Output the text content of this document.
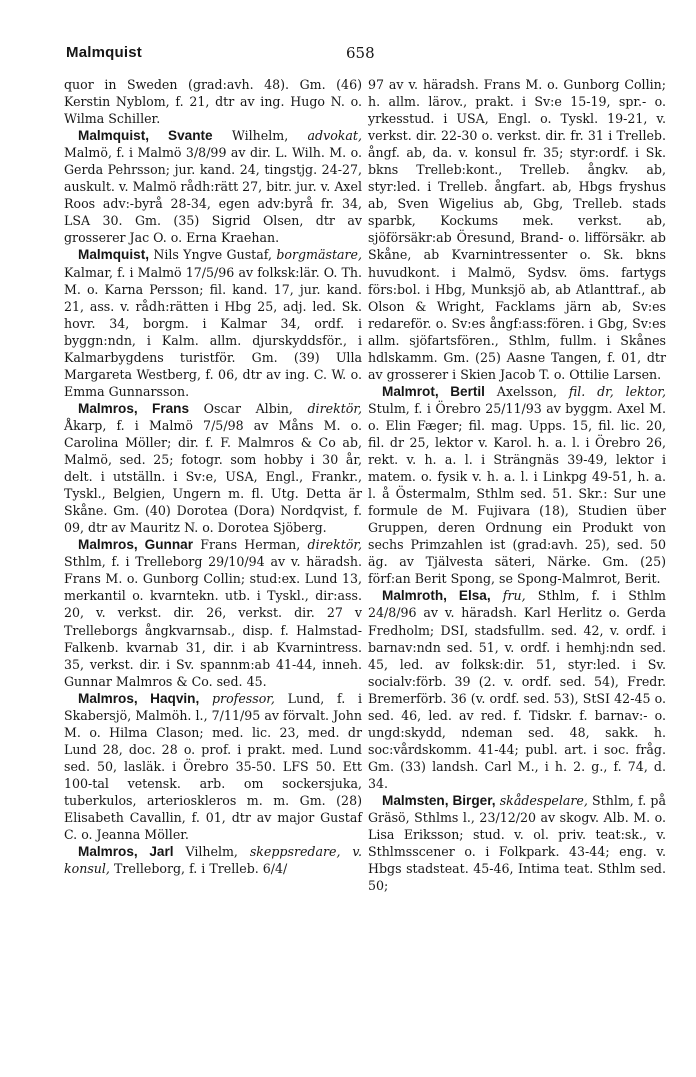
Malmquist	658

quor in Sweden (grad:avh. 48). Gm. (46) Kerstin Nyblom, f. 21, dtr av ing. Hugo N. o. Wilma Schiller.

Malmquist, Svante Wilhelm, advokat, Malmö, f. i Malmö 3/8/99 av dir. L. Wilh. M. o. Gerda Pehrsson; jur. kand. 24, tingstjg. 24-27, auskult. v. Malmö rådh:rätt 27, bitr. jur. v. Axel Roos adv:-byrå 28-34, egen adv:byrå fr. 34, LSA 30. Gm. (35) Sigrid Olsen, dtr av grosserer Jac O. o. Erna Kraehan.

Malmquist, Nils Yngve Gustaf, borgmästare, Kalmar, f. i Malmö 17/5/96 av folksk:lär. O. Th. M. o. Karna Persson; fil. kand. 17, jur. kand. 21, ass. v. rådh:rätten i Hbg 25, adj. led. Sk. hovr. 34, borgm. i Kalmar 34, ordf. i byggn:ndn, i Kalm. allm. djurskyddsför., i Kalmarbygdens turistför. Gm. (39) Ulla Margareta Westberg, f. 06, dtr av ing. C. W. o. Emma Gunnarsson.

Malmros, Frans Oscar Albin, direktör, Åkarp, f. i Malmö 7/5/98 av Måns M. o. Carolina Möller; dir. f. F. Malmros & Co ab, Malmö, sed. 25; fotogr. som hobby i 30 år, delt. i utställn. i Sv:e, USA, Engl., Frankr., Tyskl., Belgien, Ungern m. fl. Utg. Detta är Skåne. Gm. (40) Dorotea (Dora) Nordqvist, f. 09, dtr av Mauritz N. o. Dorotea Sjöberg.

Malmros, Gunnar Frans Herman, direktör, Sthlm, f. i Trelleborg 29/10/94 av v. häradsh. Frans M. o. Gunborg Collin; stud:ex. Lund 13, merkantil o. kvarntekn. utb. i Tyskl., dir:ass. 20, v. verkst. dir. 26, verkst. dir. 27 v Trelleborgs ångkvarnsab., disp. f. Halmstad-Falkenb. kvarnab 31, dir. i ab Kvarnintress. 35, verkst. dir. i Sv. spannm:ab 41-44, inneh. Gunnar Malmros & Co. sed. 45.

Malmros, Haqvin, professor, Lund, f. i Skabersjö, Malmöh. l., 7/11/95 av förvalt. John M. o. Hilma Clason; med. lic. 23, med. dr Lund 28, doc. 28 o. prof. i prakt. med. Lund sed. 50, lasläk. i Örebro 35-50. LFS 50. Ett 100-tal vetensk. arb. om sockersjuka, tuberkulos, arterioskleros m. m. Gm. (28) Elisabeth Cavallin, f. 01, dtr av major Gustaf C. o. Jeanna Möller.

Malmros, Jarl Vilhelm, skeppsredare, v. konsul, Trelleborg, f. i Trelleb. 6/4/

97 av v. häradsh. Frans M. o. Gunborg Collin; h. allm. lärov., prakt. i Sv:e 15-19, spr.- o. yrkesstud. i USA, Engl. o. Tyskl. 19-21, v. verkst. dir. 22-30 o. verkst. dir. fr. 31 i Trelleb. ångf. ab, da. v. konsul fr. 35; styr:ordf. i Sk. bkns Trelleb:kont., Trelleb. ångkv. ab, styr:led. i Trelleb. ångfart. ab, Hbgs fryshus ab, Sven Wigelius ab, Gbg, Trelleb. stads sparbk, Kockums mek. verkst. ab, sjöförsäkr:ab Öresund, Brand- o. lifförsäkr. ab Skåne, ab Kvarnintressenter o. Sk. bkns huvudkont. i Malmö, Sydsv. öms. fartygs förs:bol. i Hbg, Munksjö ab, ab Atlanttraf., ab Olson & Wright, Facklams järn ab, Sv:es redareför. o. Sv:es ångf:ass:fören. i Gbg, Sv:es allm. sjöfartsfören., Sthlm, fullm. i Skånes hdlskamm. Gm. (25) Aasne Tangen, f. 01, dtr av grosserer i Skien Jacob T. o. Ottilie Larsen.

Malmrot, Bertil Axelsson, fil. dr, lektor, Stulm, f. i Örebro 25/11/93 av byggm. Axel M. o. Elin Fæger; fil. mag. Upps. 15, fil. lic. 20, fil. dr 25, lektor v. Karol. h. a. l. i Örebro 26, rekt. v. h. a. l. i Strängnäs 39-49, lektor i matem. o. fysik v. h. a. l. i Linkpg 49-51, h. a. l. å Östermalm, Sthlm sed. 51. Skr.: Sur une formule de M. Fujivara (18), Studien über Gruppen, deren Ordnung ein Produkt von sechs Primzahlen ist (grad:avh. 25), sed. 50 äg. av Tjälvesta säteri, Närke. Gm. (25) förf:an Berit Spong, se Spong-Malmrot, Berit.

Malmroth, Elsa, fru, Sthlm, f. i Sthlm 24/8/96 av v. häradsh. Karl Herlitz o. Gerda Fredholm; DSI, stadsfullm. sed. 42, v. ordf. i barnav:ndn sed. 51, v. ordf. i hemhj:ndn sed. 45, led. av folksk:dir. 51, styr:led. i Sv. socialv:förb. 39 (2. v. ordf. sed. 54), Fredr. Bremerförb. 36 (v. ordf. sed. 53), StSI 42-45 o. sed. 46, led. av red. f. Tidskr. f. barnav:- o. ungd:skydd, ndeman sed. 48, sakk. h. soc:vårdskomm. 41-44; publ. art. i soc. fråg. Gm. (33) landsh. Carl M., i h. 2. g., f. 74, d. 34.

Malmsten, Birger, skådespelare, Sthlm, f. på Gräsö, Sthlms l., 23/12/20 av skogv. Alb. M. o. Lisa Eriksson; stud. v. ol. priv. teat:sk., v. Sthlmsscener o. i Folkpark. 43-44; eng. v. Hbgs stadsteat. 45-46, Intima teat. Sthlm sed. 50;
